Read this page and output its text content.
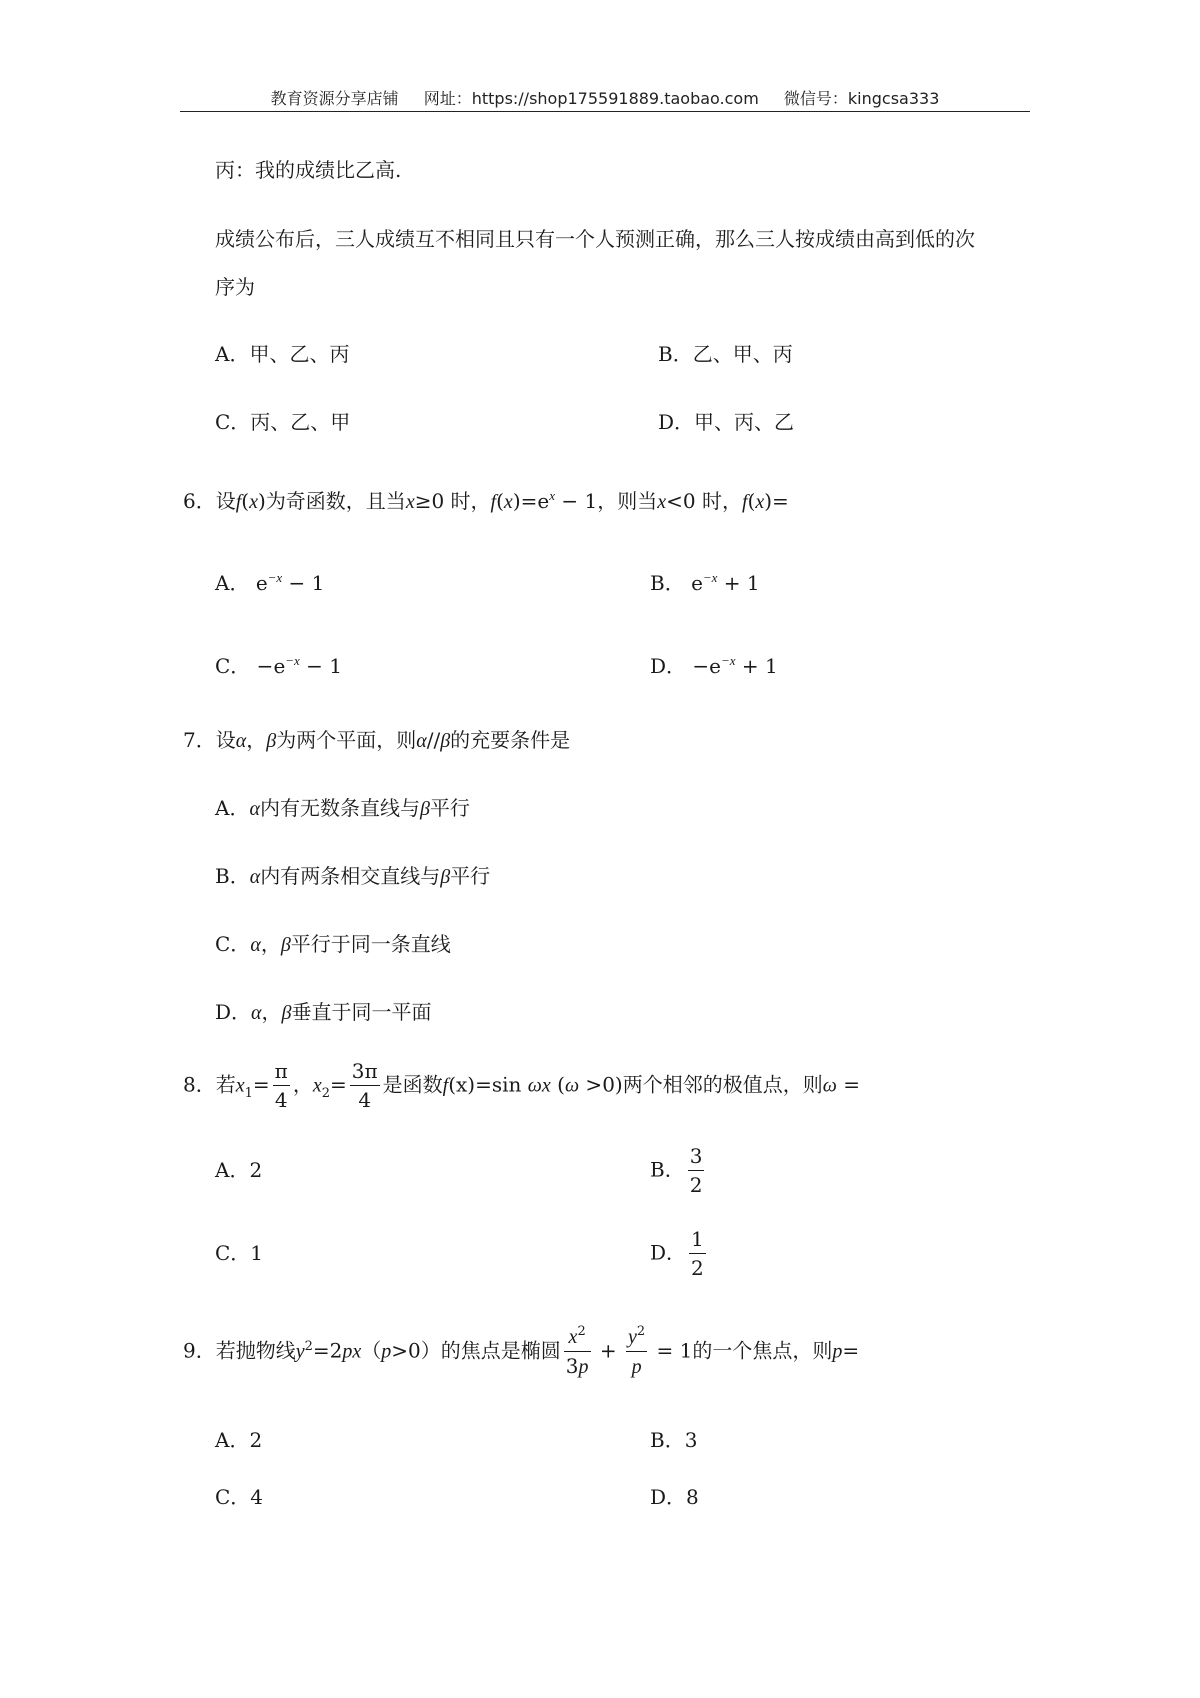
教育资源分享店铺 网址：https://shop175591889.taobao.com 微信号：kingcsa333
丙：我的成绩比乙高.
成绩公布后，三人成绩互不相同且只有一个人预测正确，那么三人按成绩由高到低的次
序为
A．甲、乙、丙	B．乙、甲、丙
C．丙、乙、甲	D．甲、丙、乙
6．设f(x)为奇函数，且当x≥0 时，$f(x)=e^x - 1$，则当x<0 时，f(x)=
A． $e^{-x} - 1$	B． $e^{-x} + 1$
C． $-e^{-x} - 1$	D． $-e^{-x} + 1$
7．设α，β为两个平面，则α//β的充要条件是
A．α内有无数条直线与β平行
B．α内有两条相交直线与β平行
C．α，β平行于同一条直线
D．α，β垂直于同一平面
8．若$x_1= \frac{\pi}{4}$ ，$x_2= \frac{3\pi}{4}$ 是函数f(x)=sin ωx (ω >0)两个相邻的极值点，则ω =
A．2	B． $\frac{3}{2}$
C．1	D． $\frac{1}{2}$
9．若抛物线$y^2=2px(p>0)$的焦点是椭圆 $\frac{x^2}{3p} + \frac{y^2}{p} = 1$的一个焦点，则p=
A．2	B．3
C．4	D．8
